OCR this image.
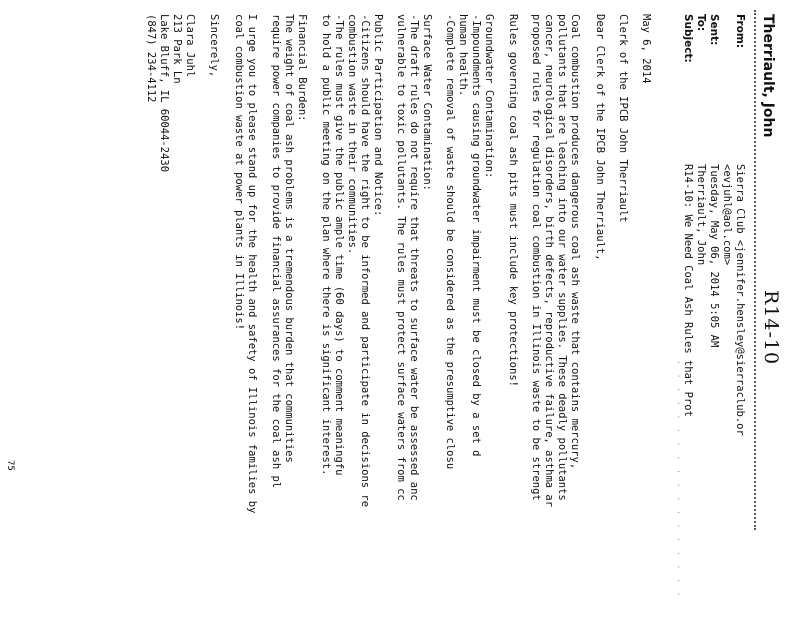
R14-10
Therriault, John
From:
Sierra Club <jennifer.hensley@sierraclub.or
<evjuhl@aol.com>
Sent:
Tuesday, May 06, 2014 5:05 AM
To:
Therriault, John
Subject:
R14-10: We Need Coal Ash Rules that Prot
· · · · · · · · · · · · · · · · · ·
May 6, 2014
Clerk of the IPCB John Therriault
Dear Clerk of the IPCB John Therriault,
Coal combustion produces dangerous coal ash waste that contains mercury,
pollutants that are leaching into our water supplies. These deadly pollutants
cancer, neurological disorders, birth defects, reproductive failure, asthma ar
proposed rules for regulation coal combustion in Illinois waste to be strengt
Rules governing coal ash pits must include key protections!
Groundwater Contamination:
-Impoundments causing groundwater impairment must be closed by a set d
human health.
-Complete removal of waste should be considered as the presumptive closu
Surface Water Contamination:
-The draft rules do not require that threats to surface water be assessed anc
vulnerable to toxic pollutants. The rules must protect surface waters from cc
Public Participation and Notice:
-Citizens should have the right to be informed and participate in decisions re
combustion waste in their communities.
-The rules must give the public ample time (60 days) to comment meaningfu
to hold a public meeting on the plan where there is significant interest.
Financial Burden:
The weight of coal ash problems is a tremendous burden that communities
require power companies to provide financial assurances for the coal ash pl
I urge you to please stand up for the health and safety of Illinois families by
coal combustion waste at power plants in Illinois!
Sincerely,
Clara Juhl
213 Park Ln
Lake Bluff, IL 60044-2430
(847) 234-4112
75
